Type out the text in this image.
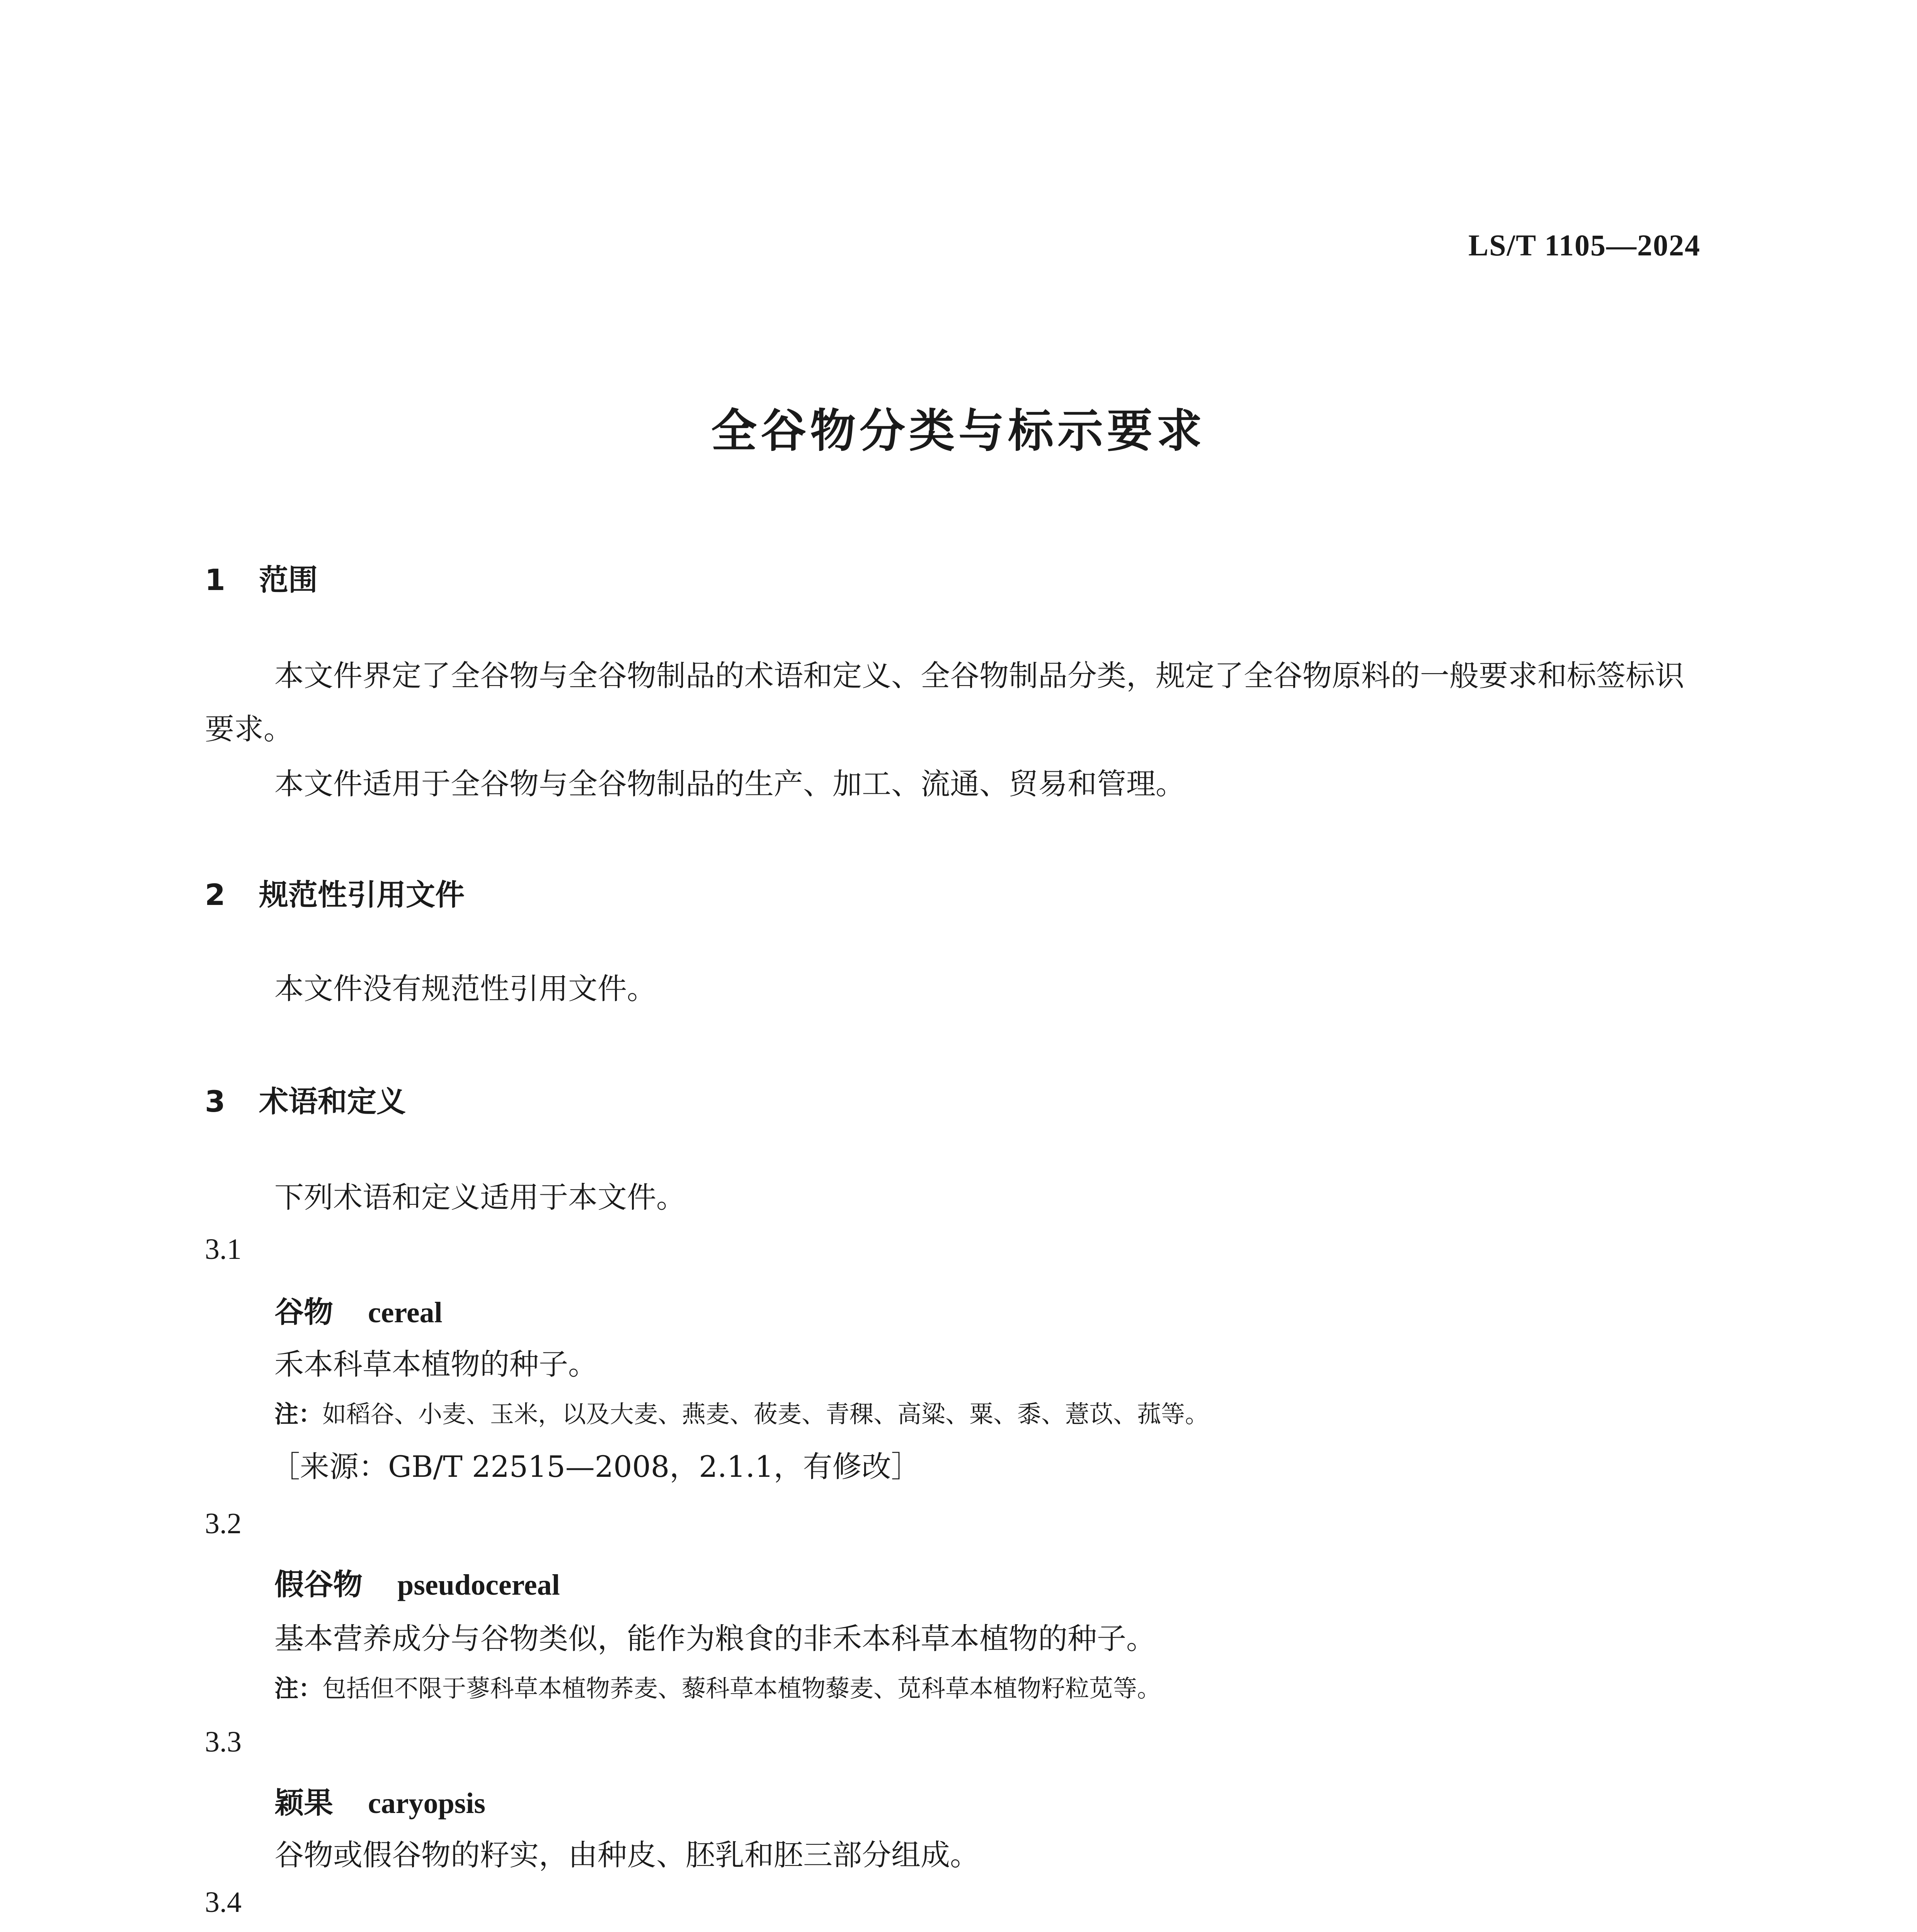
LS/T 1105—2024
全谷物分类与标示要求
1 范围
本文件界定了全谷物与全谷物制品的术语和定义、全谷物制品分类，规定了全谷物原料的一般要求和标签标识要求。
本文件适用于全谷物与全谷物制品的生产、加工、流通、贸易和管理。
2 规范性引用文件
本文件没有规范性引用文件。
3 术语和定义
下列术语和定义适用于本文件。
3.1
谷物 cereal
禾本科草本植物的种子。
注：如稻谷、小麦、玉米，以及大麦、燕麦、莜麦、青稞、高粱、粟、黍、薏苡、菰等。
［来源：GB/T 22515—2008，2.1.1，有修改］
3.2
假谷物 pseudocereal
基本营养成分与谷物类似，能作为粮食的非禾本科草本植物的种子。
注：包括但不限于蓼科草本植物荞麦、藜科草本植物藜麦、苋科草本植物籽粒苋等。
3.3
颖果 caryopsis
谷物或假谷物的籽实，由种皮、胚乳和胚三部分组成。
3.4
